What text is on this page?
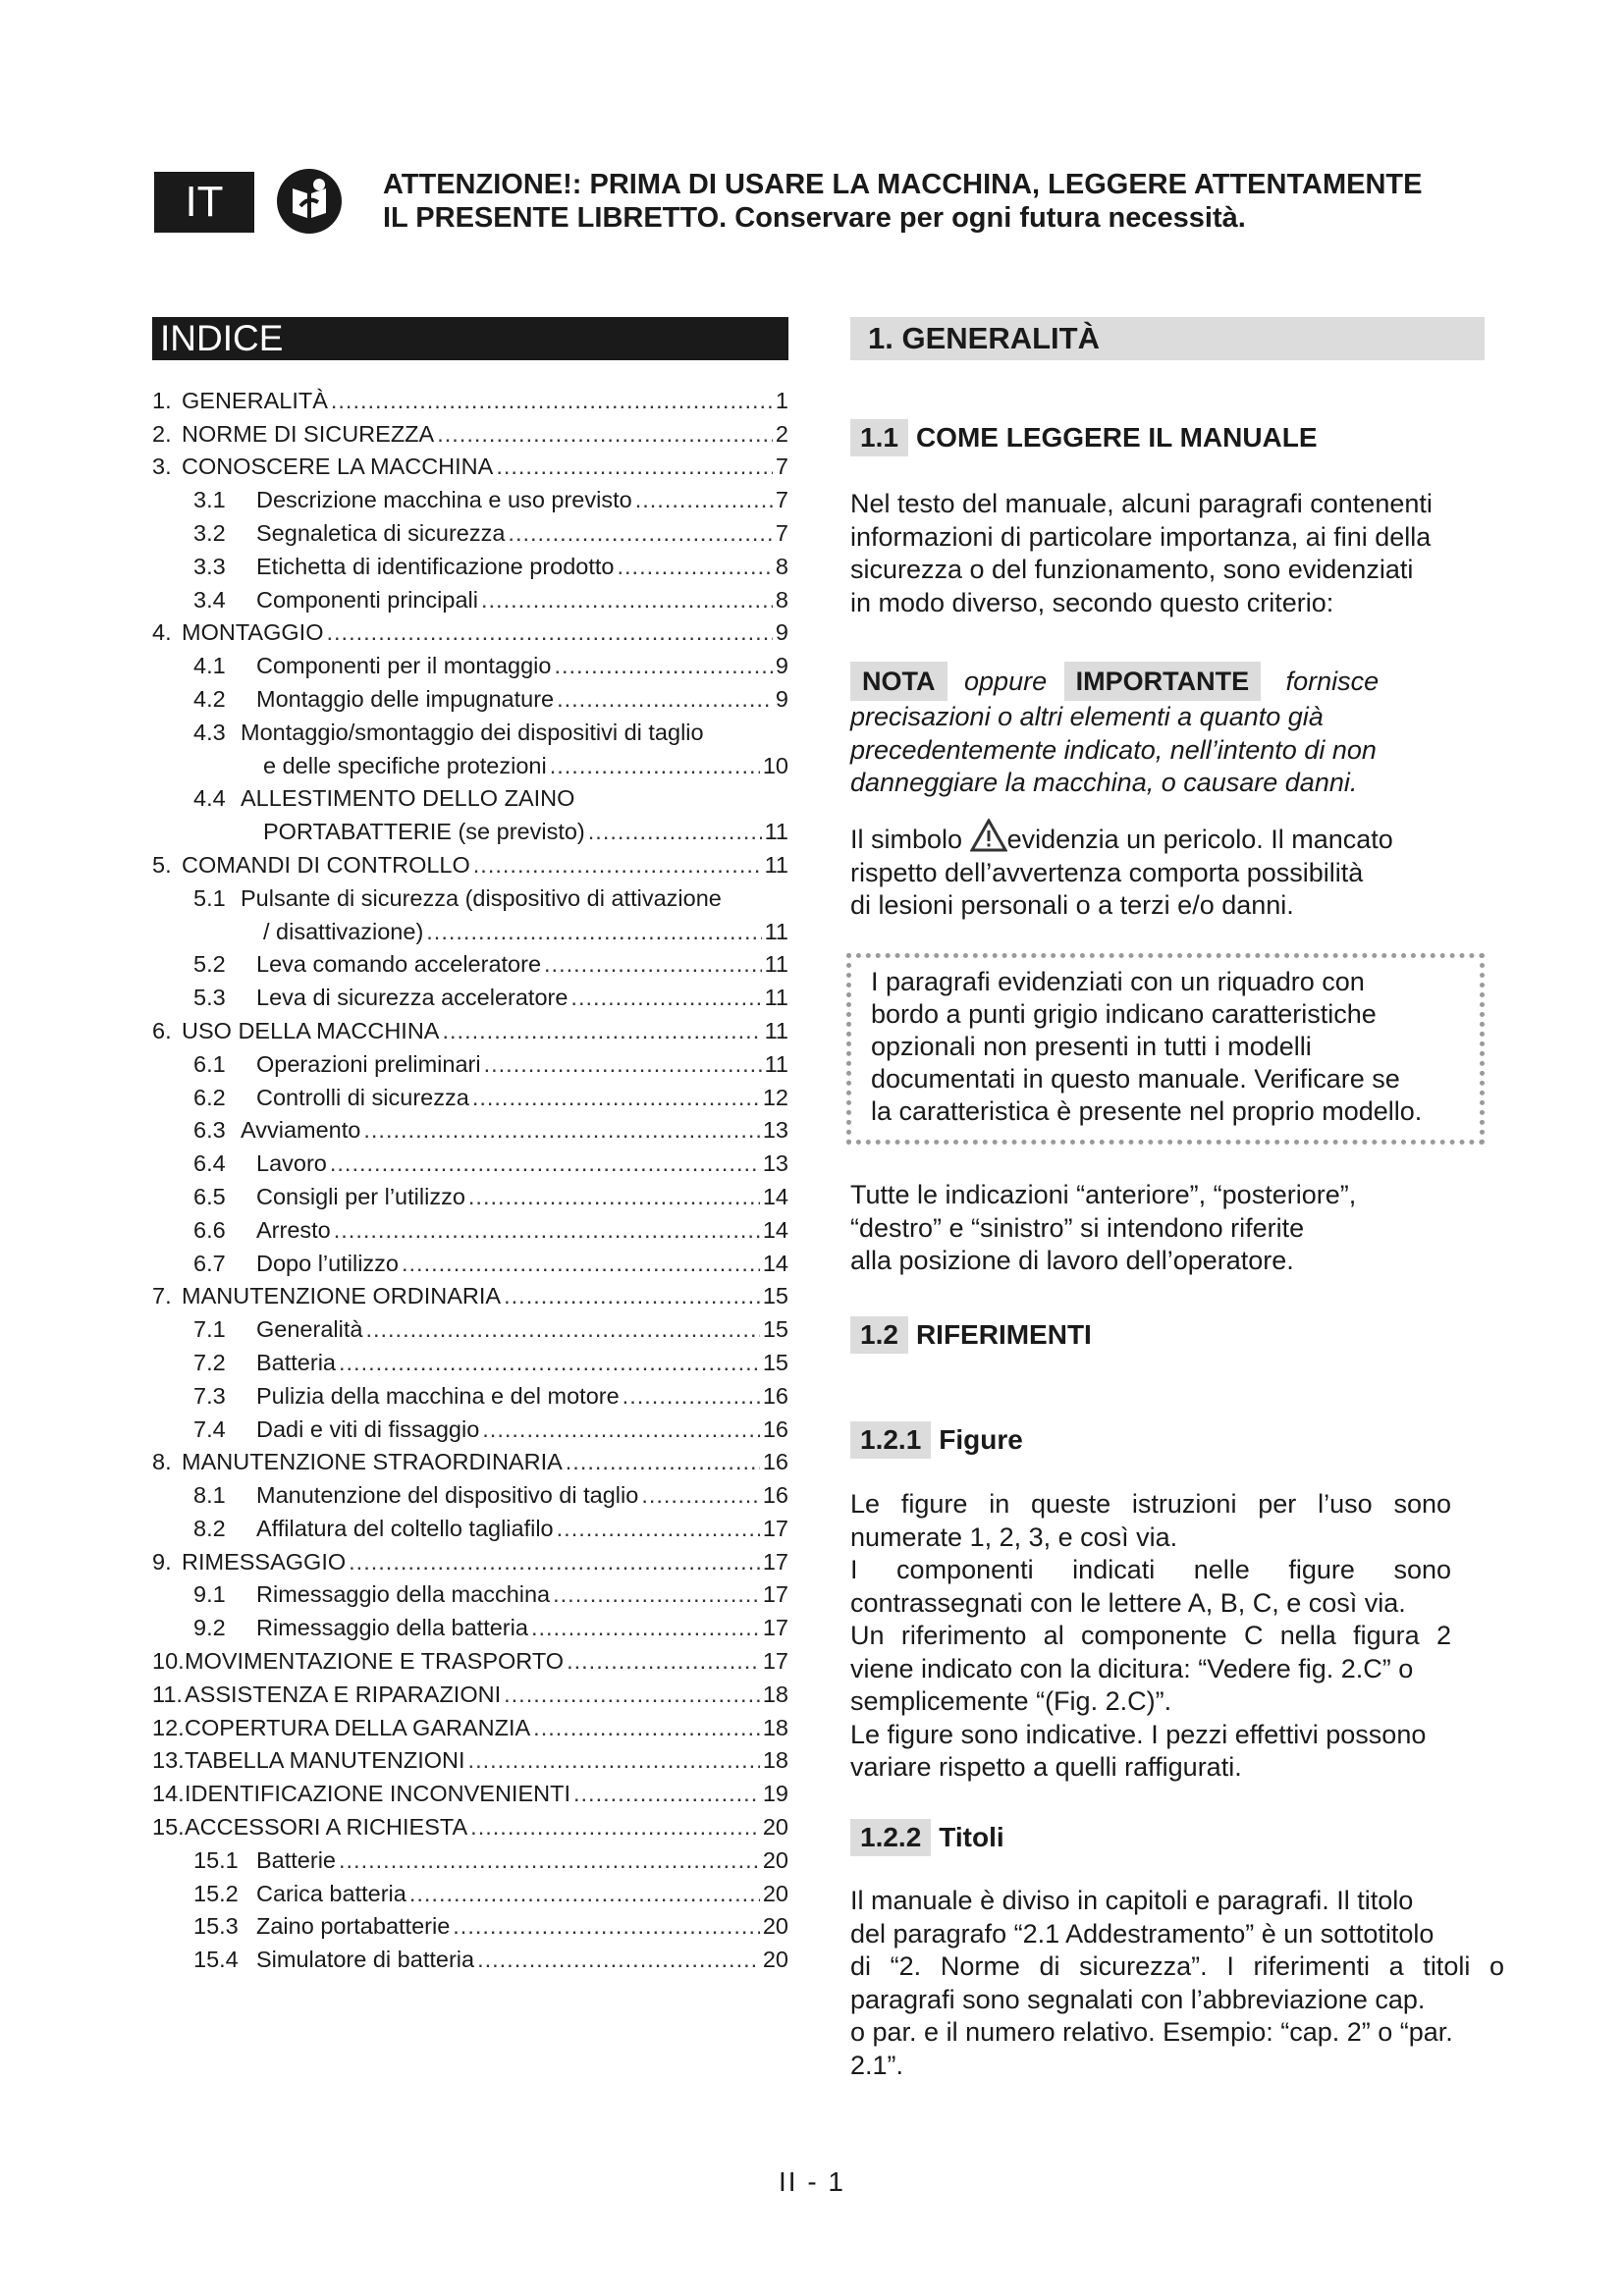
IT	ATTENZIONE!: PRIMA DI USARE LA MACCHINA, LEGGERE ATTENTAMENTE
IL PRESENTE LIBRETTO. Conservare per ogni futura necessità.
INDICE
1. GENERALITÀ .....	1
2. NORME DI SICUREZZA .....	2
3. CONOSCERE LA MACCHINA .....	7
3.1	Descrizione macchina e uso previsto .....	7
3.2	Segnaletica di sicurezza .....	7
3.3	Etichetta di identificazione prodotto .....	8
3.4	Componenti principali .....	8
4. MONTAGGIO .....	9
4.1	Componenti per il montaggio .....	9
4.2	Montaggio delle impugnature .....	9
4.3 Montaggio/smontaggio dei dispositivi di taglio
e delle specifiche protezioni .....	10
4.4 ALLESTIMENTO DELLO ZAINO
PORTABATTERIE (se previsto) .....	11
5. COMANDI DI CONTROLLO .....	11
5.1 Pulsante di sicurezza (dispositivo di attivazione
/ disattivazione) .....	11
5.2	Leva comando acceleratore .....	11
5.3	Leva di sicurezza acceleratore .....	11
6. USO DELLA MACCHINA .....	11
6.1	Operazioni preliminari .....	11
6.2	Controlli di sicurezza .....	12
6.3 Avviamento .....	13
6.4	Lavoro .....	13
6.5	Consigli per l’utilizzo .....	14
6.6	Arresto .....	14
6.7	Dopo l’utilizzo .....	14
7. MANUTENZIONE ORDINARIA .....	15
7.1	Generalità .....	15
7.2	Batteria .....	15
7.3	Pulizia della macchina e del motore .....	16
7.4	Dadi e viti di fissaggio .....	16
8. MANUTENZIONE STRAORDINARIA .....	16
8.1	Manutenzione del dispositivo di taglio .....	16
8.2	Affilatura del coltello tagliafilo .....	17
9. RIMESSAGGIO .....	17
9.1	Rimessaggio della macchina .....	17
9.2	Rimessaggio della batteria .....	17
10. MOVIMENTAZIONE E TRASPORTO .....	17
11. ASSISTENZA E RIPARAZIONI .....	18
12. COPERTURA DELLA GARANZIA .....	18
13. TABELLA MANUTENZIONI .....	18
14. IDENTIFICAZIONE INCONVENIENTI .....	19
15. ACCESSORI A RICHIESTA .....	20
15.1 Batterie .....	20
15.2 Carica batteria .....	20
15.3 Zaino portabatterie .....	20
15.4 Simulatore di batteria .....	20
1. GENERALITÀ
1.1 COME LEGGERE IL MANUALE

Nel testo del manuale, alcuni paragrafi contenenti
informazioni di particolare importanza, ai fini della
sicurezza o del funzionamento, sono evidenziati
in modo diverso, secondo questo criterio:

NOTA oppure IMPORTANTE fornisce

precisazioni o altri elementi a quanto già
precedentemente indicato, nell’intento di non
danneggiare la macchina, o causare danni.

Il simbolo evidenzia un pericolo. Il mancato
rispetto dell’avvertenza comporta possibilità
di lesioni personali o a terzi e/o danni.

I paragrafi evidenziati con un riquadro con
bordo a punti grigio indicano caratteristiche
opzionali non presenti in tutti i modelli
documentati in questo manuale. Verificare se
la caratteristica è presente nel proprio modello.

Tutte le indicazioni “anteriore”, “posteriore”,
“destro” e “sinistro” si intendono riferite
alla posizione di lavoro dell’operatore.

1.2 RIFERIMENTI
1.2.1 Figure

Le figure in queste istruzioni per l’uso sono
numerate 1, 2, 3, e così via.
I componenti indicati nelle figure sono
contrassegnati con le lettere A, B, C, e così via.
Un riferimento al componente C nella figura 2
viene indicato con la dicitura: “Vedere fig. 2.C” o
semplicemente “(Fig. 2.C)”.
Le figure sono indicative. I pezzi effettivi possono
variare rispetto a quelli raffigurati.

1.2.2 Titoli

Il manuale è diviso in capitoli e paragrafi. Il titolo
del paragrafo “2.1 Addestramento” è un sottotitolo
di “2. Norme di sicurezza”. I riferimenti a titoli o
paragrafi sono segnalati con l’abbreviazione cap.
o par. e il numero relativo. Esempio: “cap. 2” o “par.
2.1”.

II - 1
